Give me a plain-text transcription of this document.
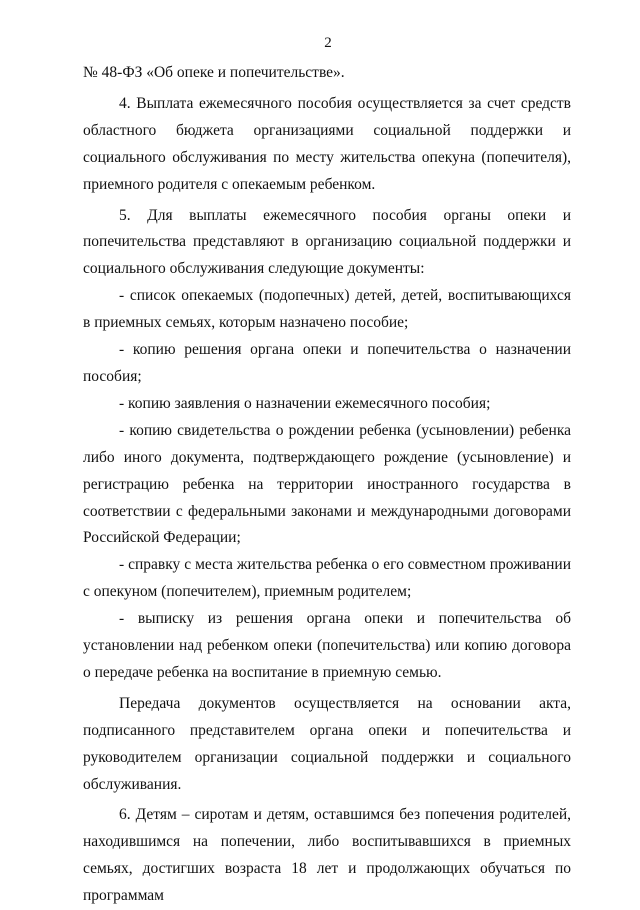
2

№ 48-ФЗ «Об опеке и попечительстве».

4. Выплата ежемесячного пособия осуществляется за счет средств областного бюджета организациями социальной поддержки и социального обслуживания по месту жительства опекуна (попечителя), приемного родителя с опекаемым ребенком.

5. Для выплаты ежемесячного пособия органы опеки и попечительства представляют в организацию социальной поддержки и социального обслуживания следующие документы:

- список опекаемых (подопечных) детей, детей, воспитывающихся в приемных семьях, которым назначено пособие;

- копию решения органа опеки и попечительства о назначении пособия;

- копию заявления о назначении ежемесячного пособия;

- копию свидетельства о рождении ребенка (усыновлении) ребенка либо иного документа, подтверждающего рождение (усыновление) и регистрацию ребенка на территории иностранного государства в соответствии с федеральными законами и международными договорами Российской Федерации;

- справку с места жительства ребенка о его совместном проживании с опекуном (попечителем), приемным родителем;

- выписку из решения органа опеки и попечительства об установлении над ребенком опеки (попечительства) или копию договора о передаче ребенка на воспитание в приемную семью.

Передача документов осуществляется на основании акта, подписанного представителем органа опеки и попечительства и руководителем организации социальной поддержки и социального обслуживания.

6. Детям – сиротам и детям, оставшимся без попечения родителей, находившимся на попечении, либо воспитывавшихся в приемных семьях, достигших возраста 18 лет и продолжающих обучаться по программам
